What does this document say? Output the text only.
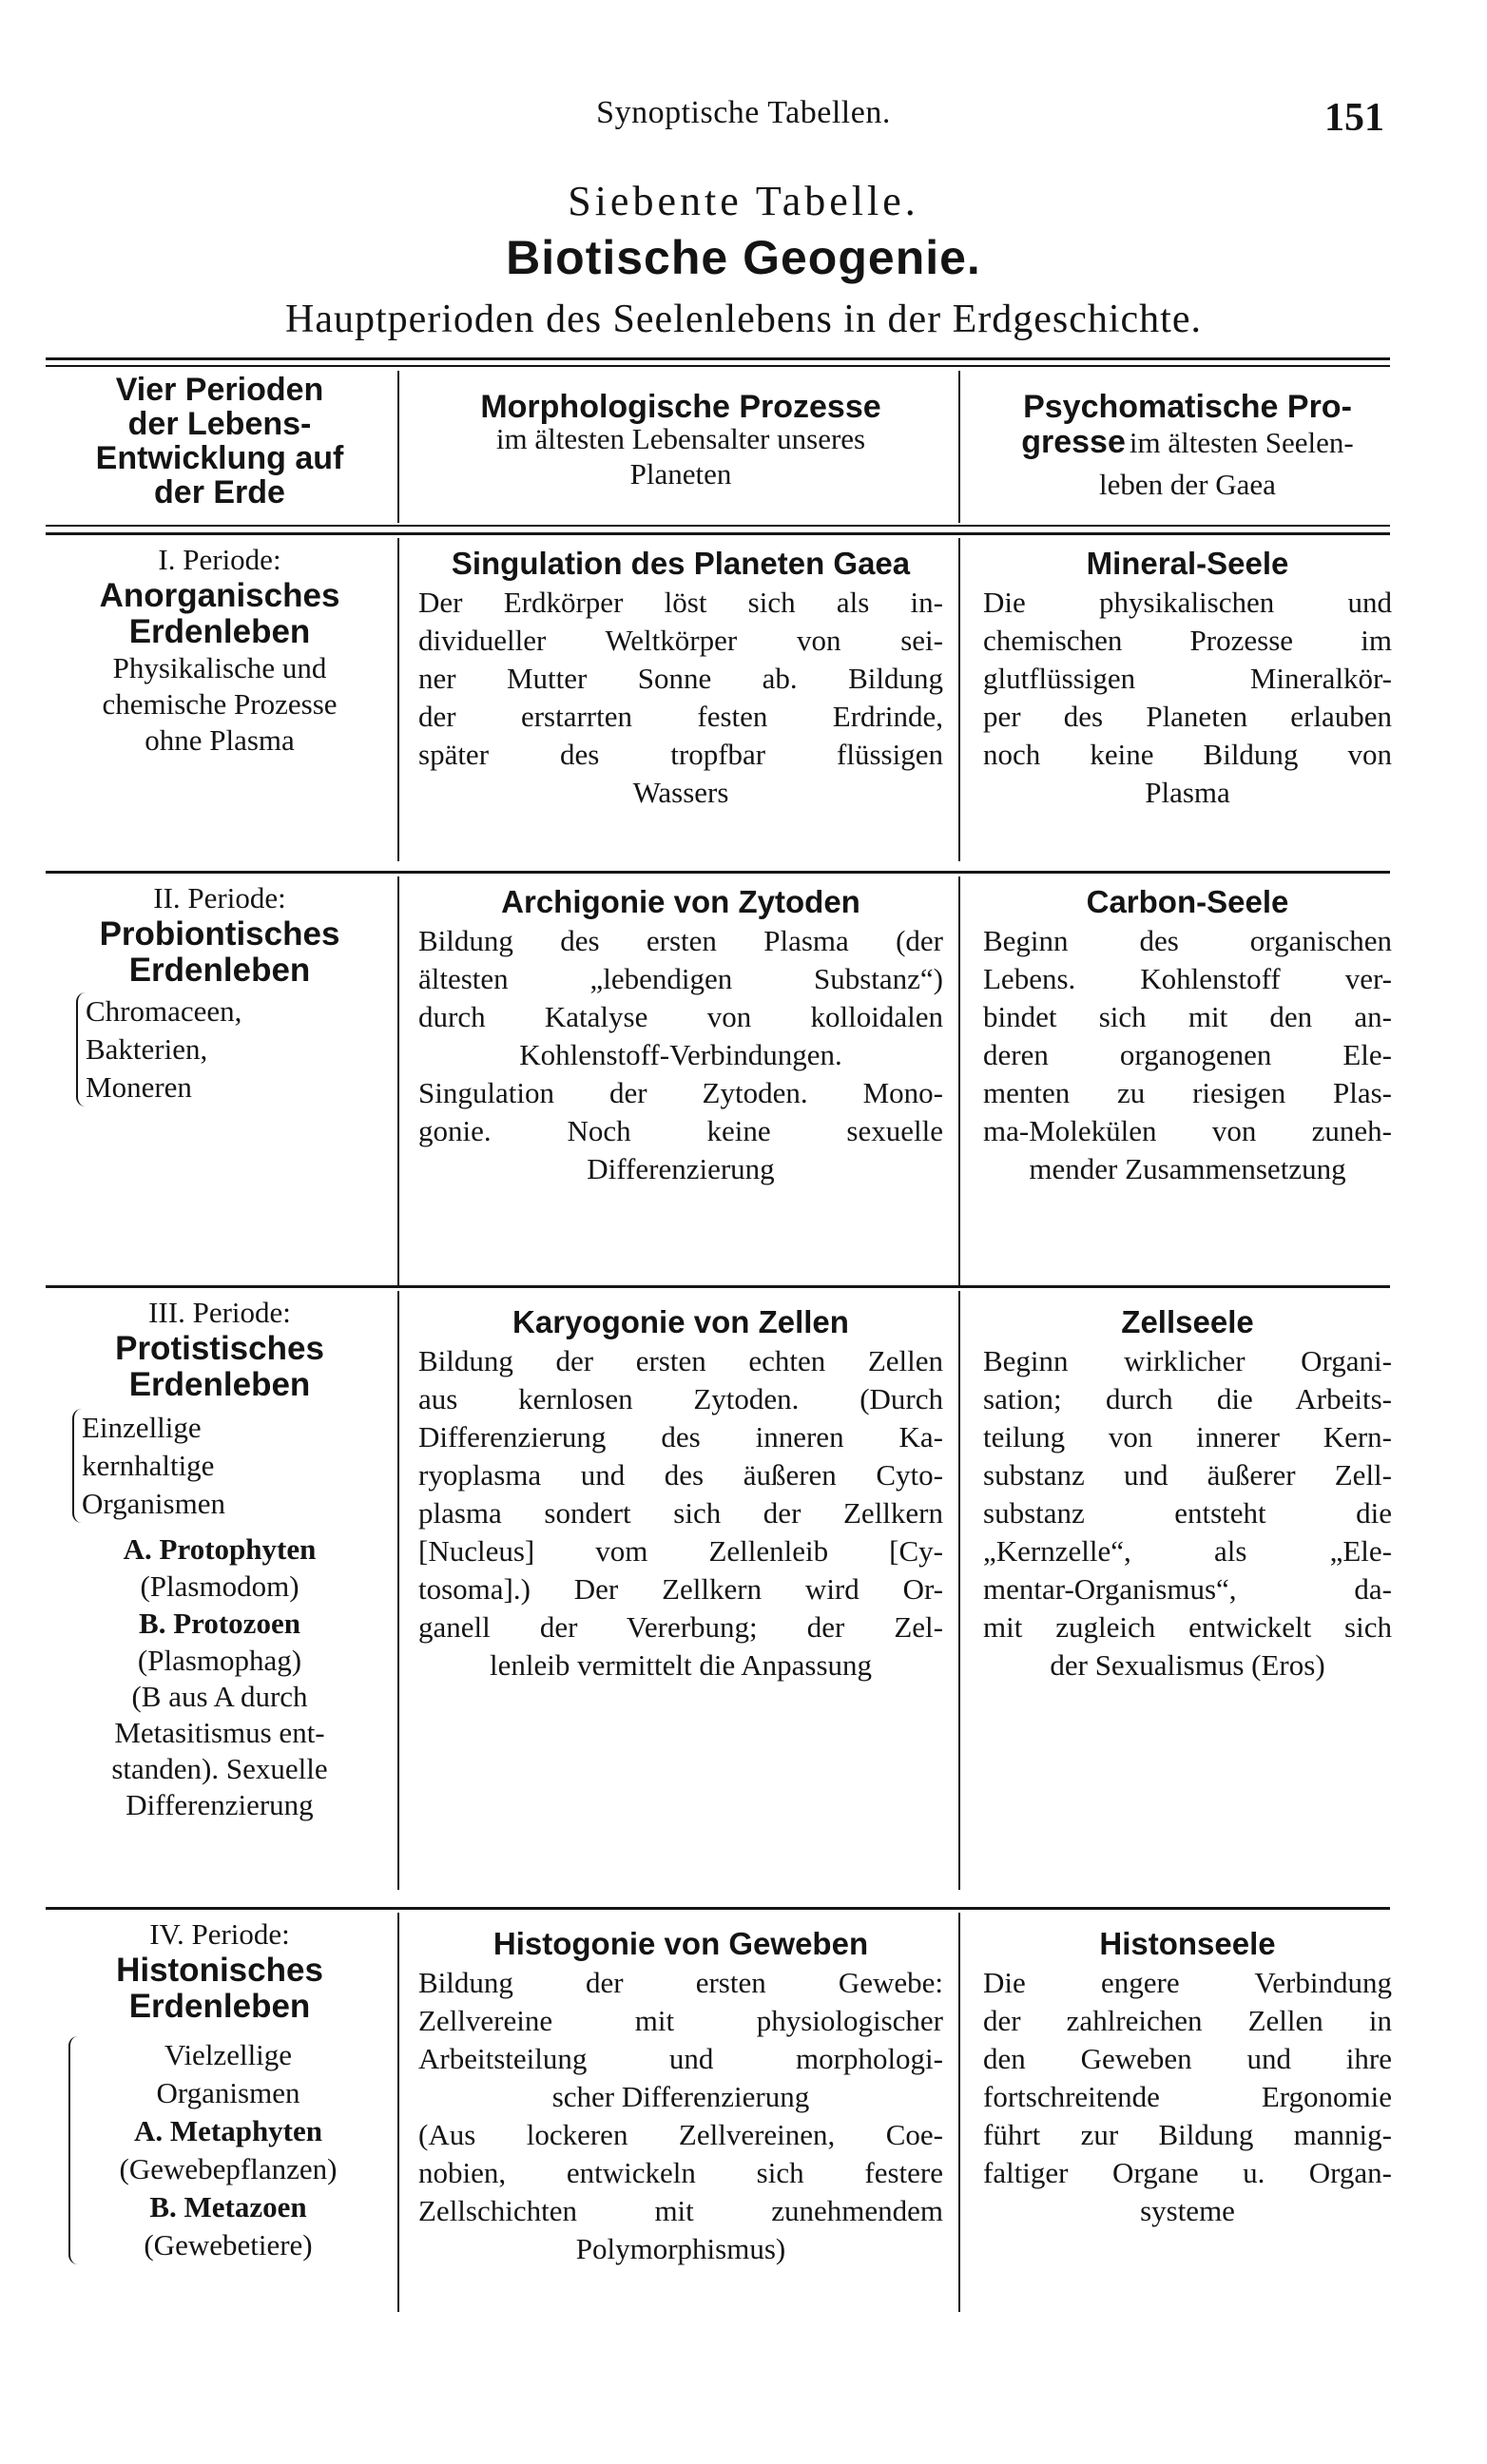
Synoptische Tabellen.	151
Siebente Tabelle.
Biotische Geogenie.
Hauptperioden des Seelenlebens in der Erdgeschichte.
Vier Perioden
der Lebens-
Entwicklung auf
der Erde
Morphologische Prozesse
im ältesten Lebensalter unseres
Planeten
Psychomatische Pro-
gresse im ältesten Seelen-
leben der Gaea
I. Periode:
Anorganisches
Erdenleben
Physikalische und
chemische Prozesse
ohne Plasma
Singulation des Planeten Gaea
Der Erdkörper löst sich als in-
dividueller Weltkörper von sei-
ner Mutter Sonne ab. Bildung
der erstarrten festen Erdrinde,
später des tropfbar flüssigen
Wassers
Mineral-Seele
Die physikalischen und
chemischen Prozesse im
glutflüssigen Mineralkör-
per des Planeten erlauben
noch keine Bildung von
Plasma
II. Periode:
Probiontisches
Erdenleben
Chromaceen,
Bakterien,
Moneren
Archigonie von Zytoden
Bildung des ersten Plasma (der
ältesten „lebendigen Substanz“)
durch Katalyse von kolloidalen
Kohlenstoff-Verbindungen.
Singulation der Zytoden. Mono-
gonie. Noch keine sexuelle
Differenzierung
Carbon-Seele
Beginn des organischen
Lebens. Kohlenstoff ver-
bindet sich mit den an-
deren organogenen Ele-
menten zu riesigen Plas-
ma-Molekülen von zuneh-
mender Zusammensetzung
III. Periode:
Protistisches
Erdenleben
Einzellige
kernhaltige
Organismen
A. Protophyten
(Plasmodom)
B. Protozoen
(Plasmophag)
(B aus A durch
Metasitismus ent-
standen). Sexuelle
Differenzierung
Karyogonie von Zellen
Bildung der ersten echten Zellen
aus kernlosen Zytoden. (Durch
Differenzierung des inneren Ka-
ryoplasma und des äußeren Cyto-
plasma sondert sich der Zellkern
[Nucleus] vom Zellenleib [Cy-
tosoma].) Der Zellkern wird Or-
ganell der Vererbung; der Zel-
lenleib vermittelt die Anpassung
Zellseele
Beginn wirklicher Organi-
sation; durch die Arbeits-
teilung von innerer Kern-
substanz und äußerer Zell-
substanz entsteht die
„Kernzelle“, als „Ele-
mentar-Organismus“, da-
mit zugleich entwickelt sich
der Sexualismus (Eros)
IV. Periode:
Histonisches
Erdenleben
Vielzellige
Organismen
A. Metaphyten
(Gewebepflanzen)
B. Metazoen
(Gewebetiere)
Histogonie von Geweben
Bildung der ersten Gewebe:
Zellvereine mit physiologischer
Arbeitsteilung und morphologi-
scher Differenzierung
(Aus lockeren Zellvereinen, Coe-
nobien, entwickeln sich festere
Zellschichten mit zunehmendem
Polymorphismus)
Histonseele
Die engere Verbindung
der zahlreichen Zellen in
den Geweben und ihre
fortschreitende Ergonomie
führt zur Bildung mannig-
faltiger Organe u. Organ-
systeme
